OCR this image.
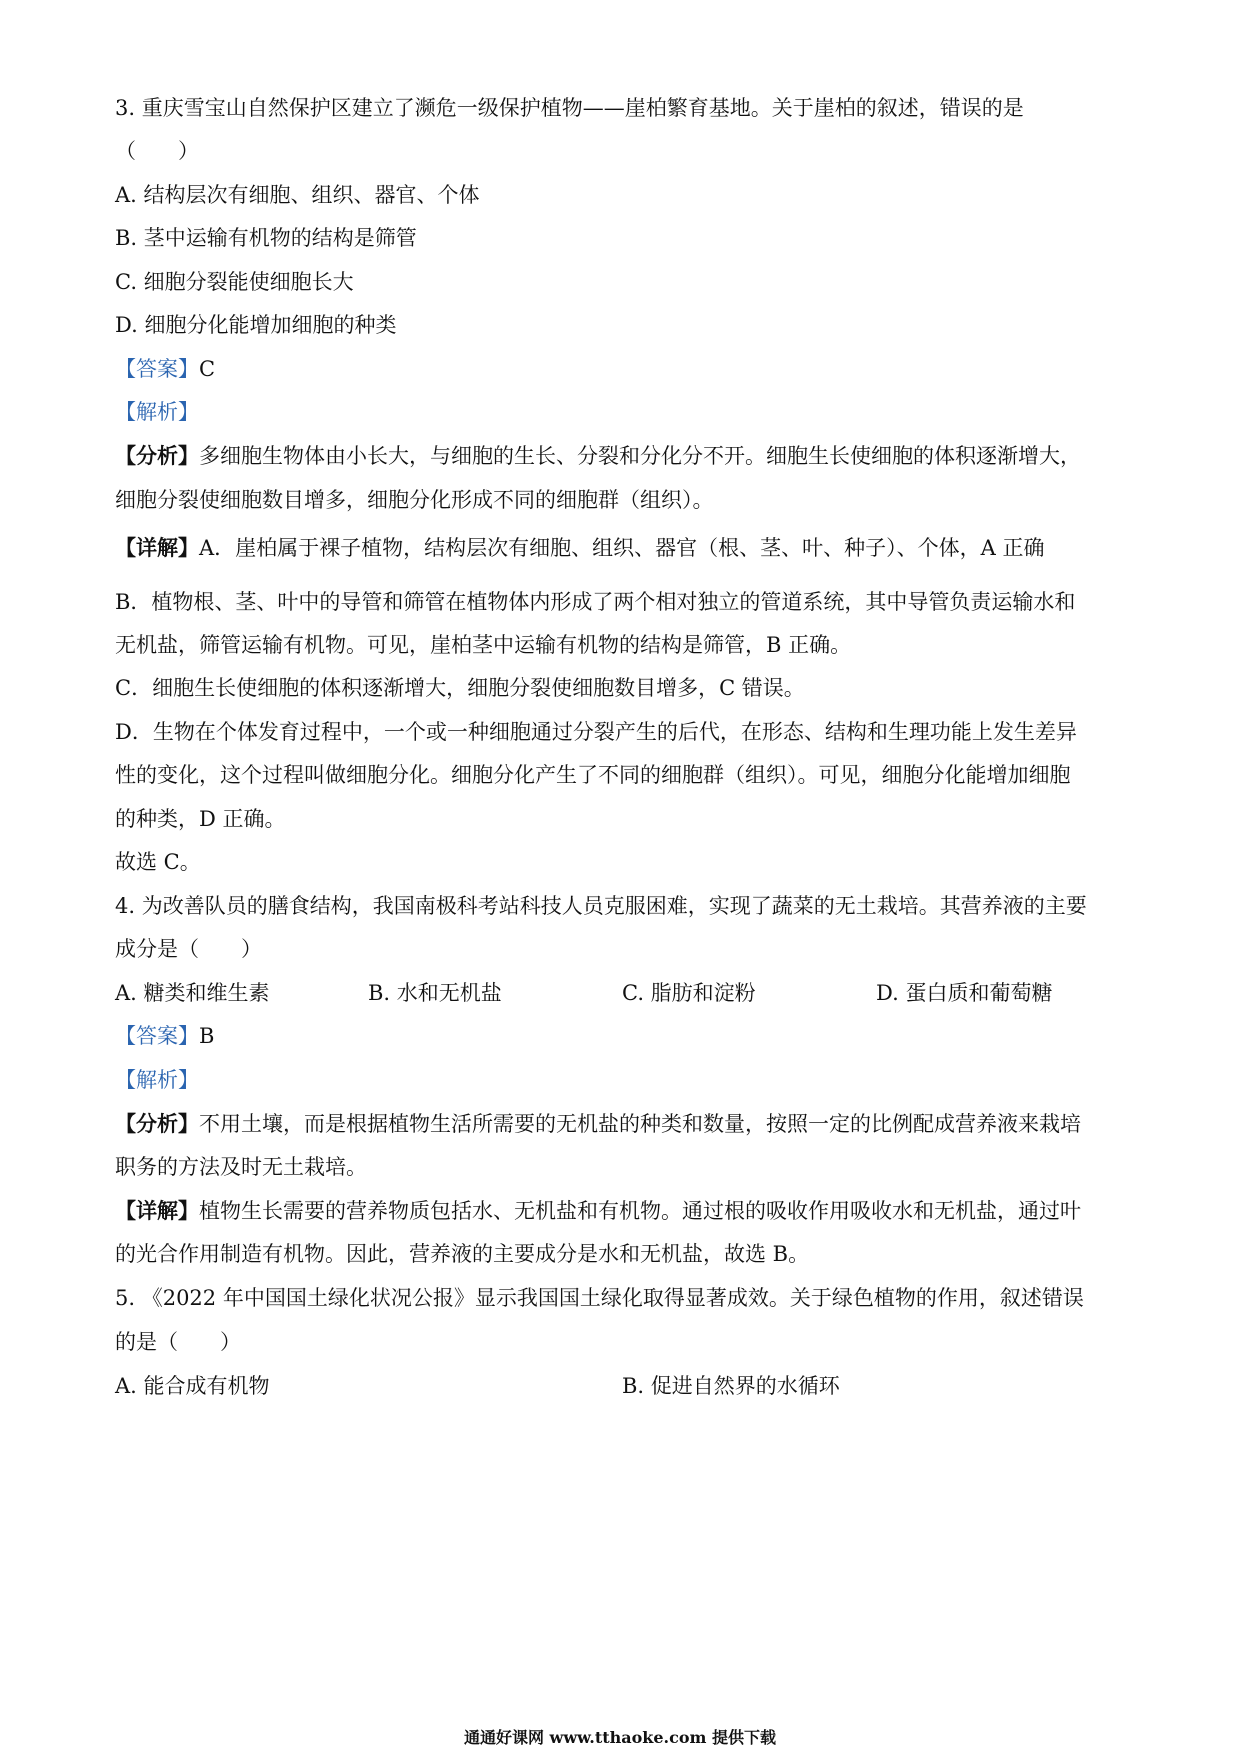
3. 重庆雪宝山自然保护区建立了濒危一级保护植物——崖柏繁育基地。关于崖柏的叙述，错误的是
（　　）
A. 结构层次有细胞、组织、器官、个体
B. 茎中运输有机物的结构是筛管
C. 细胞分裂能使细胞长大
D. 细胞分化能增加细胞的种类
【答案】C
【解析】
【分析】多细胞生物体由小长大，与细胞的生长、分裂和分化分不开。细胞生长使细胞的体积逐渐增大，
细胞分裂使细胞数目增多，细胞分化形成不同的细胞群（组织）。
【详解】A．崖柏属于裸子植物，结构层次有细胞、组织、器官（根、茎、叶、种子）、个体，A 正确
B．植物根、茎、叶中的导管和筛管在植物体内形成了两个相对独立的管道系统，其中导管负责运输水和
无机盐，筛管运输有机物。可见，崖柏茎中运输有机物的结构是筛管，B 正确。
C．细胞生长使细胞的体积逐渐增大，细胞分裂使细胞数目增多，C 错误。
D．生物在个体发育过程中，一个或一种细胞通过分裂产生的后代，在形态、结构和生理功能上发生差异
性的变化，这个过程叫做细胞分化。细胞分化产生了不同的细胞群（组织）。可见，细胞分化能增加细胞
的种类，D 正确。
故选 C。
4. 为改善队员的膳食结构，我国南极科考站科技人员克服困难，实现了蔬菜的无土栽培。其营养液的主要
成分是（　　）
A. 糖类和维生素	B. 水和无机盐	C. 脂肪和淀粉	D. 蛋白质和葡萄糖
【答案】B
【解析】
【分析】不用土壤，而是根据植物生活所需要的无机盐的种类和数量，按照一定的比例配成营养液来栽培
职务的方法及时无土栽培。
【详解】植物生长需要的营养物质包括水、无机盐和有机物。通过根的吸收作用吸收水和无机盐，通过叶
的光合作用制造有机物。因此，营养液的主要成分是水和无机盐，故选 B。
5. 《2022 年中国国土绿化状况公报》显示我国国土绿化取得显著成效。关于绿色植物的作用，叙述错误
的是（　　）
A. 能合成有机物	B. 促进自然界的水循环
通通好课网 www.tthaoke.com 提供下载
